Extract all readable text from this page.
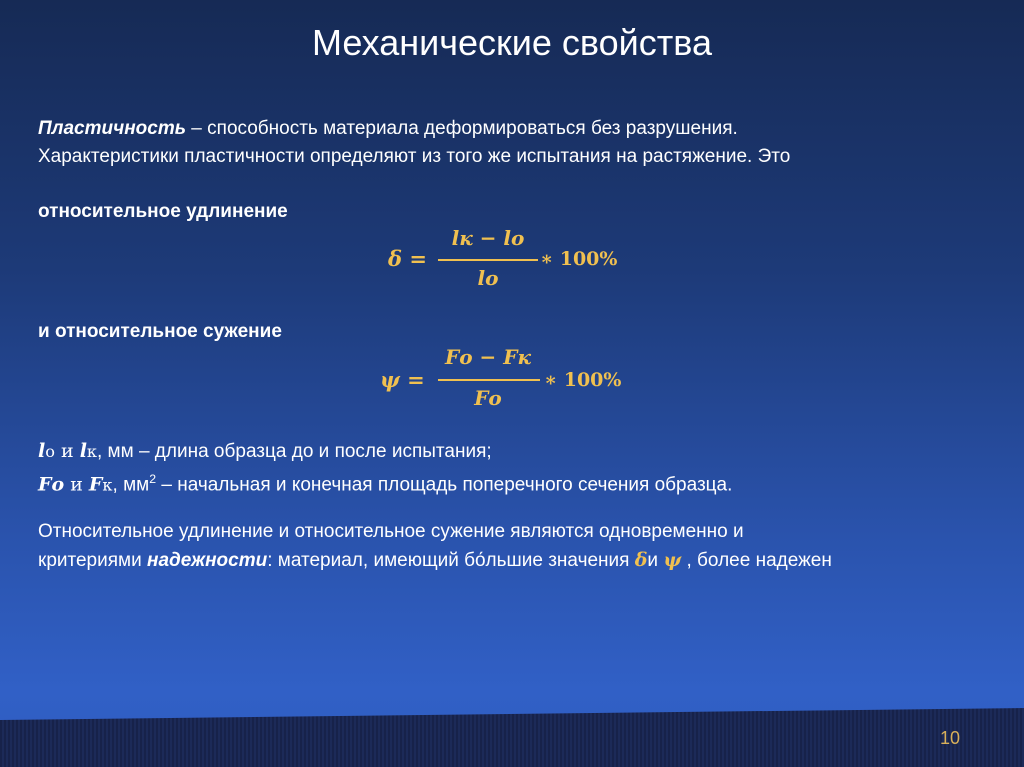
Механические свойства
Пластичность – способность материала деформироваться без разрушения.
Характеристики пластичности определяют из того же испытания на растяжение. Это
относительное удлинение
𝜹 =
𝒍к − 𝒍𝒐
𝒍𝒐
∗ 𝟏𝟎𝟎%
и относительное сужение
𝝍 =
𝑭𝒐 − 𝑭к
𝑭𝒐
∗ 𝟏𝟎𝟎%
𝒍о и 𝒍к, мм – длина образца до и после испытания;
𝑭𝒐 и 𝑭к, $мм^2$ – начальная и конечная площадь поперечного сечения образца.
Относительное удлинение и относительное сужение являются одновременно и
критериями надежности: материал, имеющий бо́льшие значения 𝜹и 𝝍 , более надежен
10
